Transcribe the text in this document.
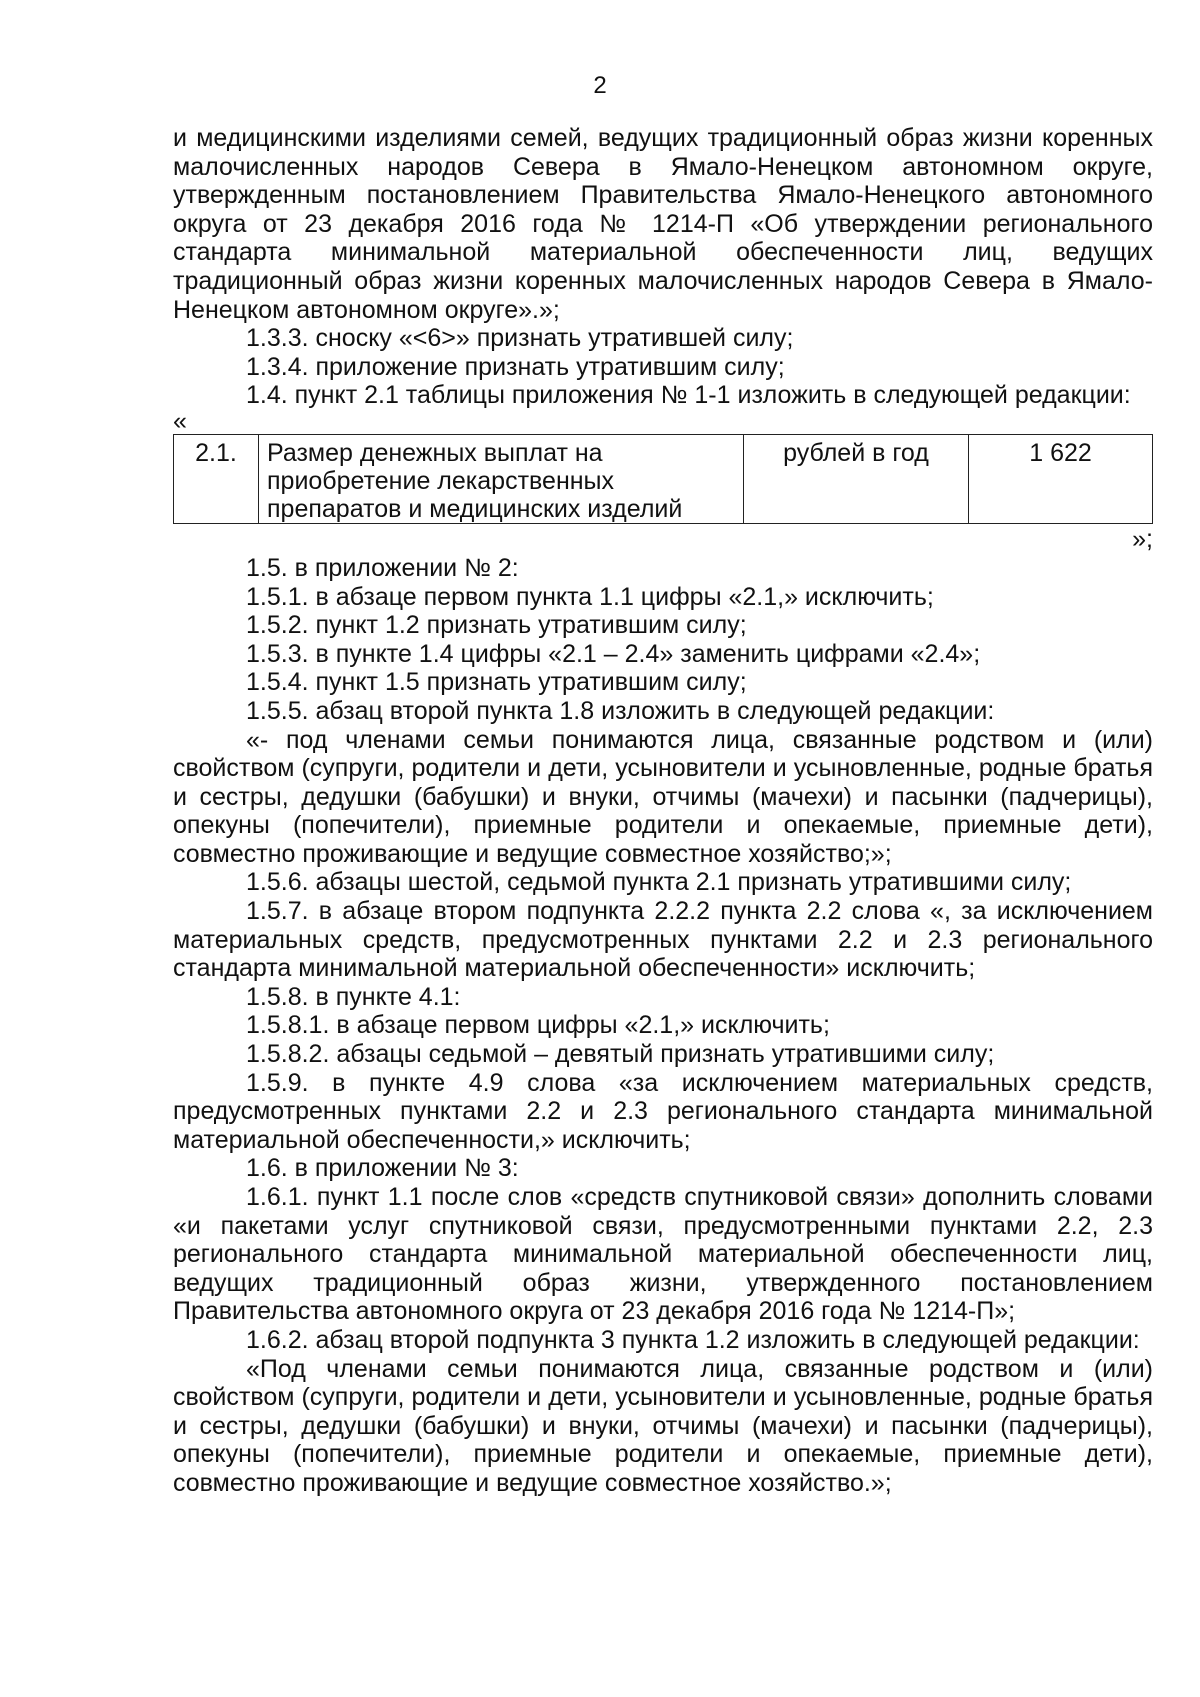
2

и медицинскими изделиями семей, ведущих традиционный образ жизни коренных малочисленных народов Севера в Ямало-Ненецком автономном округе, утвержденным постановлением Правительства Ямало-Ненецкого автономного округа от 23 декабря 2016 года № 1214-П «Об утверждении регионального стандарта минимальной материальной обеспеченности лиц, ведущих традиционный образ жизни коренных малочисленных народов Севера в Ямало-Ненецком автономном округе».»;

1.3.3. сноску «<6>» признать утратившей силу;

1.3.4. приложение признать утратившим силу;

1.4. пункт 2.1 таблицы приложения № 1-1 изложить в следующей редакции:

«

2.1.	Размер денежных выплат на приобретение лекарственных препаратов и медицинских изделий	рублей в год	1 622

»;

1.5. в приложении № 2:

1.5.1. в абзаце первом пункта 1.1 цифры «2.1,» исключить;

1.5.2. пункт 1.2 признать утратившим силу;

1.5.3. в пункте 1.4 цифры «2.1 – 2.4» заменить цифрами «2.4»;

1.5.4. пункт 1.5 признать утратившим силу;

1.5.5. абзац второй пункта 1.8 изложить в следующей редакции:

«- под членами семьи понимаются лица, связанные родством и (или) свойством (супруги, родители и дети, усыновители и усыновленные, родные братья и сестры, дедушки (бабушки) и внуки, отчимы (мачехи) и пасынки (падчерицы), опекуны (попечители), приемные родители и опекаемые, приемные дети), совместно проживающие и ведущие совместное хозяйство;»;

1.5.6. абзацы шестой, седьмой пункта 2.1 признать утратившими силу;

1.5.7. в абзаце втором подпункта 2.2.2 пункта 2.2 слова «, за исключением материальных средств, предусмотренных пунктами 2.2 и 2.3 регионального стандарта минимальной материальной обеспеченности» исключить;

1.5.8. в пункте 4.1:

1.5.8.1. в абзаце первом цифры «2.1,» исключить;

1.5.8.2. абзацы седьмой – девятый признать утратившими силу;

1.5.9. в пункте 4.9 слова «за исключением материальных средств, предусмотренных пунктами 2.2 и 2.3 регионального стандарта минимальной материальной обеспеченности,» исключить;

1.6. в приложении № 3:

1.6.1. пункт 1.1 после слов «средств спутниковой связи» дополнить словами «и пакетами услуг спутниковой связи, предусмотренными пунктами 2.2, 2.3 регионального стандарта минимальной материальной обеспеченности лиц, ведущих традиционный образ жизни, утвержденного постановлением Правительства автономного округа от 23 декабря 2016 года № 1214-П»;

1.6.2. абзац второй подпункта 3 пункта 1.2 изложить в следующей редакции:

«Под членами семьи понимаются лица, связанные родством и (или) свойством (супруги, родители и дети, усыновители и усыновленные, родные братья и сестры, дедушки (бабушки) и внуки, отчимы (мачехи) и пасынки (падчерицы), опекуны (попечители), приемные родители и опекаемые, приемные дети), совместно проживающие и ведущие совместное хозяйство.»;
